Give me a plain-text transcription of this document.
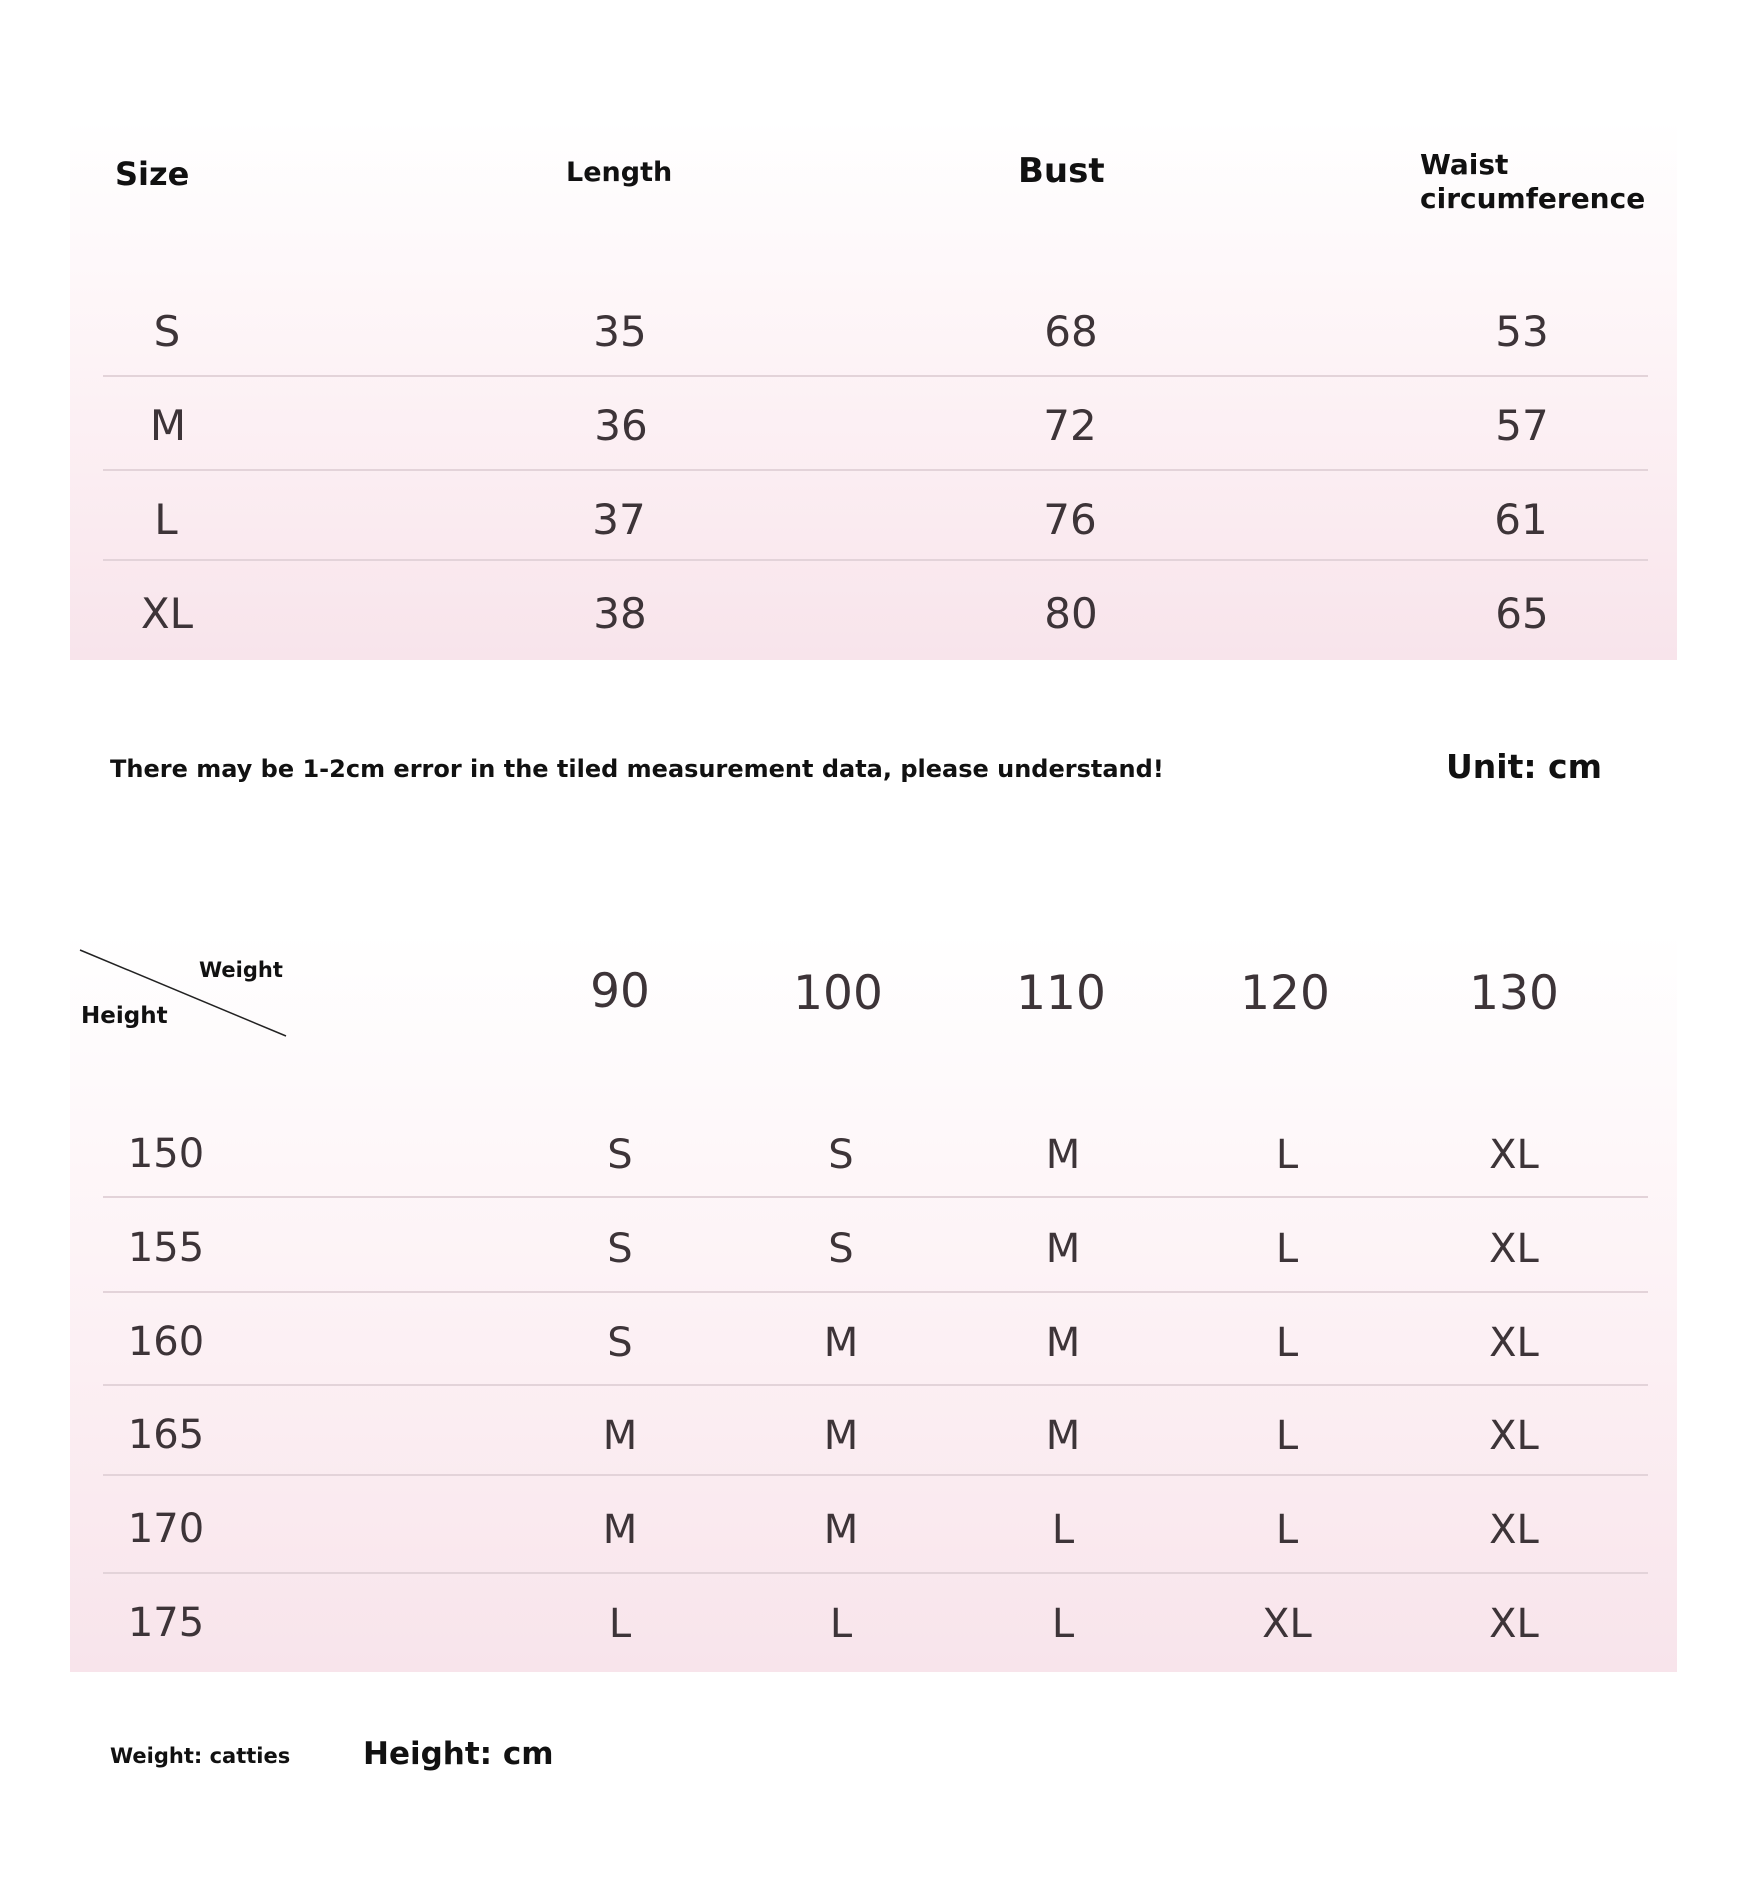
Size	Length	Bust	Waist
circumference
S	35	68	53
M	36	72	57
L	37	76	61
XL	38	80	65
There may be 1-2cm error in the tiled measurement data, please understand!	Unit: cm
Weight
Height	90	100	110	120	130
150	S	S	M	L	XL
155	S	S	M	L	XL
160	S	M	M	L	XL
165	M	M	M	L	XL
170	M	M	L	L	XL
175	L	L	L	XL	XL
Weight: catties Height: cm
